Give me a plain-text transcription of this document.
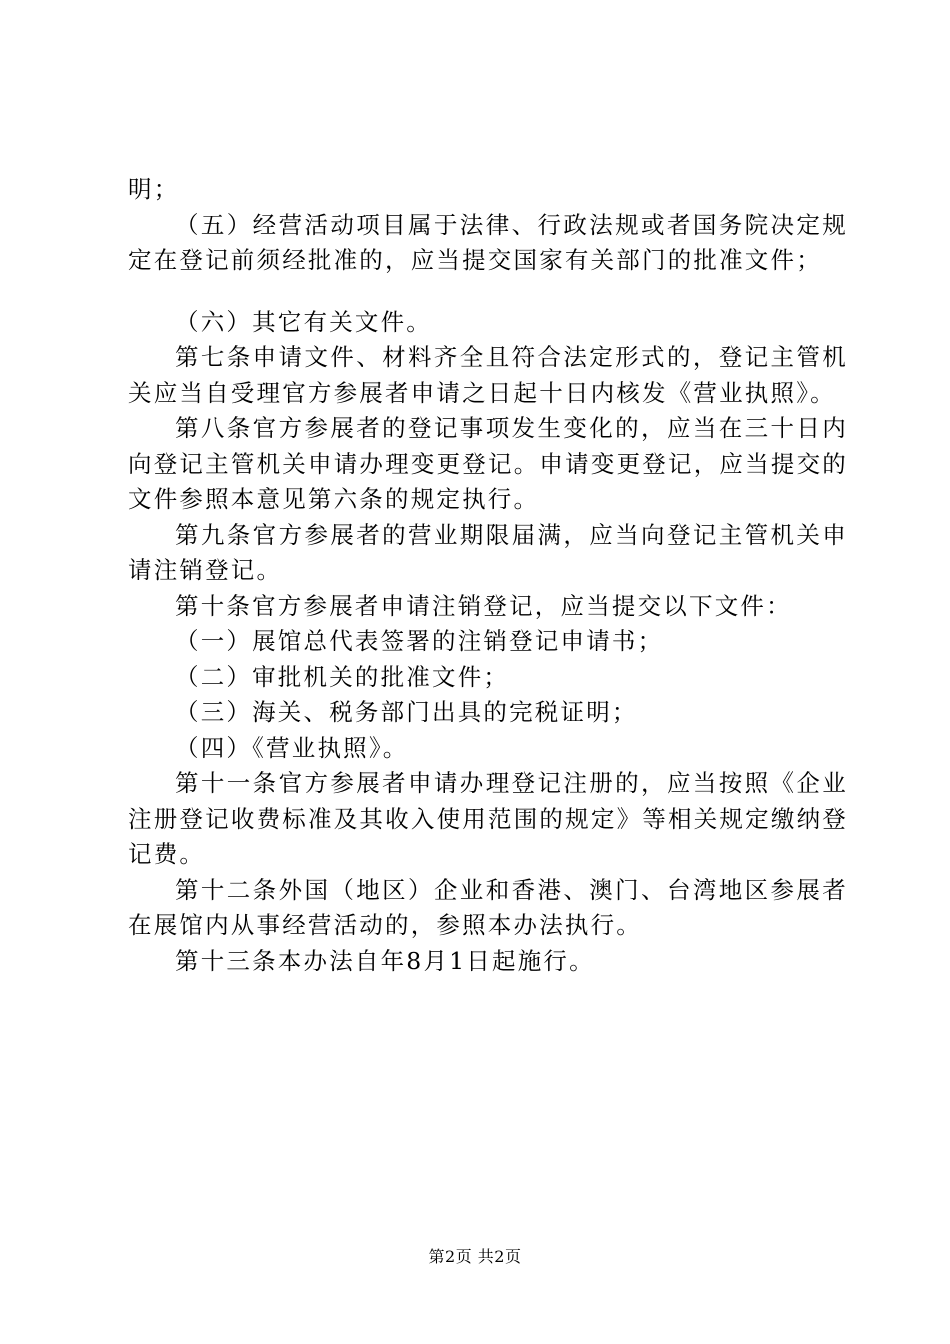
明；

（五）经营活动项目属于法律、行政法规或者国务院决定规定在登记前须经批准的，应当提交国家有关部门的批准文件；

（六）其它有关文件。

第七条申请文件、材料齐全且符合法定形式的，登记主管机关应当自受理官方参展者申请之日起十日内核发《营业执照》。

第八条官方参展者的登记事项发生变化的，应当在三十日内向登记主管机关申请办理变更登记。申请变更登记，应当提交的文件参照本意见第六条的规定执行。

第九条官方参展者的营业期限届满，应当向登记主管机关申请注销登记。

第十条官方参展者申请注销登记，应当提交以下文件：

（一）展馆总代表签署的注销登记申请书；

（二）审批机关的批准文件；

（三）海关、税务部门出具的完税证明；

（四）《营业执照》。

第十一条官方参展者申请办理登记注册的，应当按照《企业注册登记收费标准及其收入使用范围的规定》等相关规定缴纳登记费。

第十二条外国（地区）企业和香港、澳门、台湾地区参展者在展馆内从事经营活动的，参照本办法执行。

第十三条本办法自年8月1日起施行。

第2页 共2页
